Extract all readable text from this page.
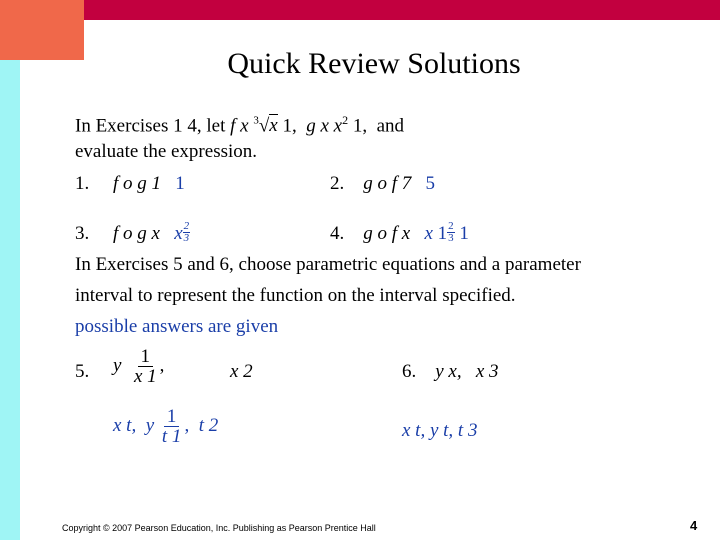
Quick Review Solutions
In Exercises 1 4, let f x $^3$√x 1, g x $x^2$ 1, and
evaluate the expression.
1. f o g 1 1	2. g o f 7 5
3. f o g x x $\frac{2}{3}$	4. g o f x x $1 \frac{2}{3} 1$
In Exercises 5 and 6, choose parametric equations and a parameter
interval to represent the function on the interval specified.
possible answers are given
5. y $\frac{1}{x 1}$ ,	x 2
x t, y $\frac{1}{t 1}$ , t 2
6. y x, x 3
x t, y t, t 3
Copyright © 2007 Pearson Education, Inc. Publishing as Pearson Prentice Hall	4
